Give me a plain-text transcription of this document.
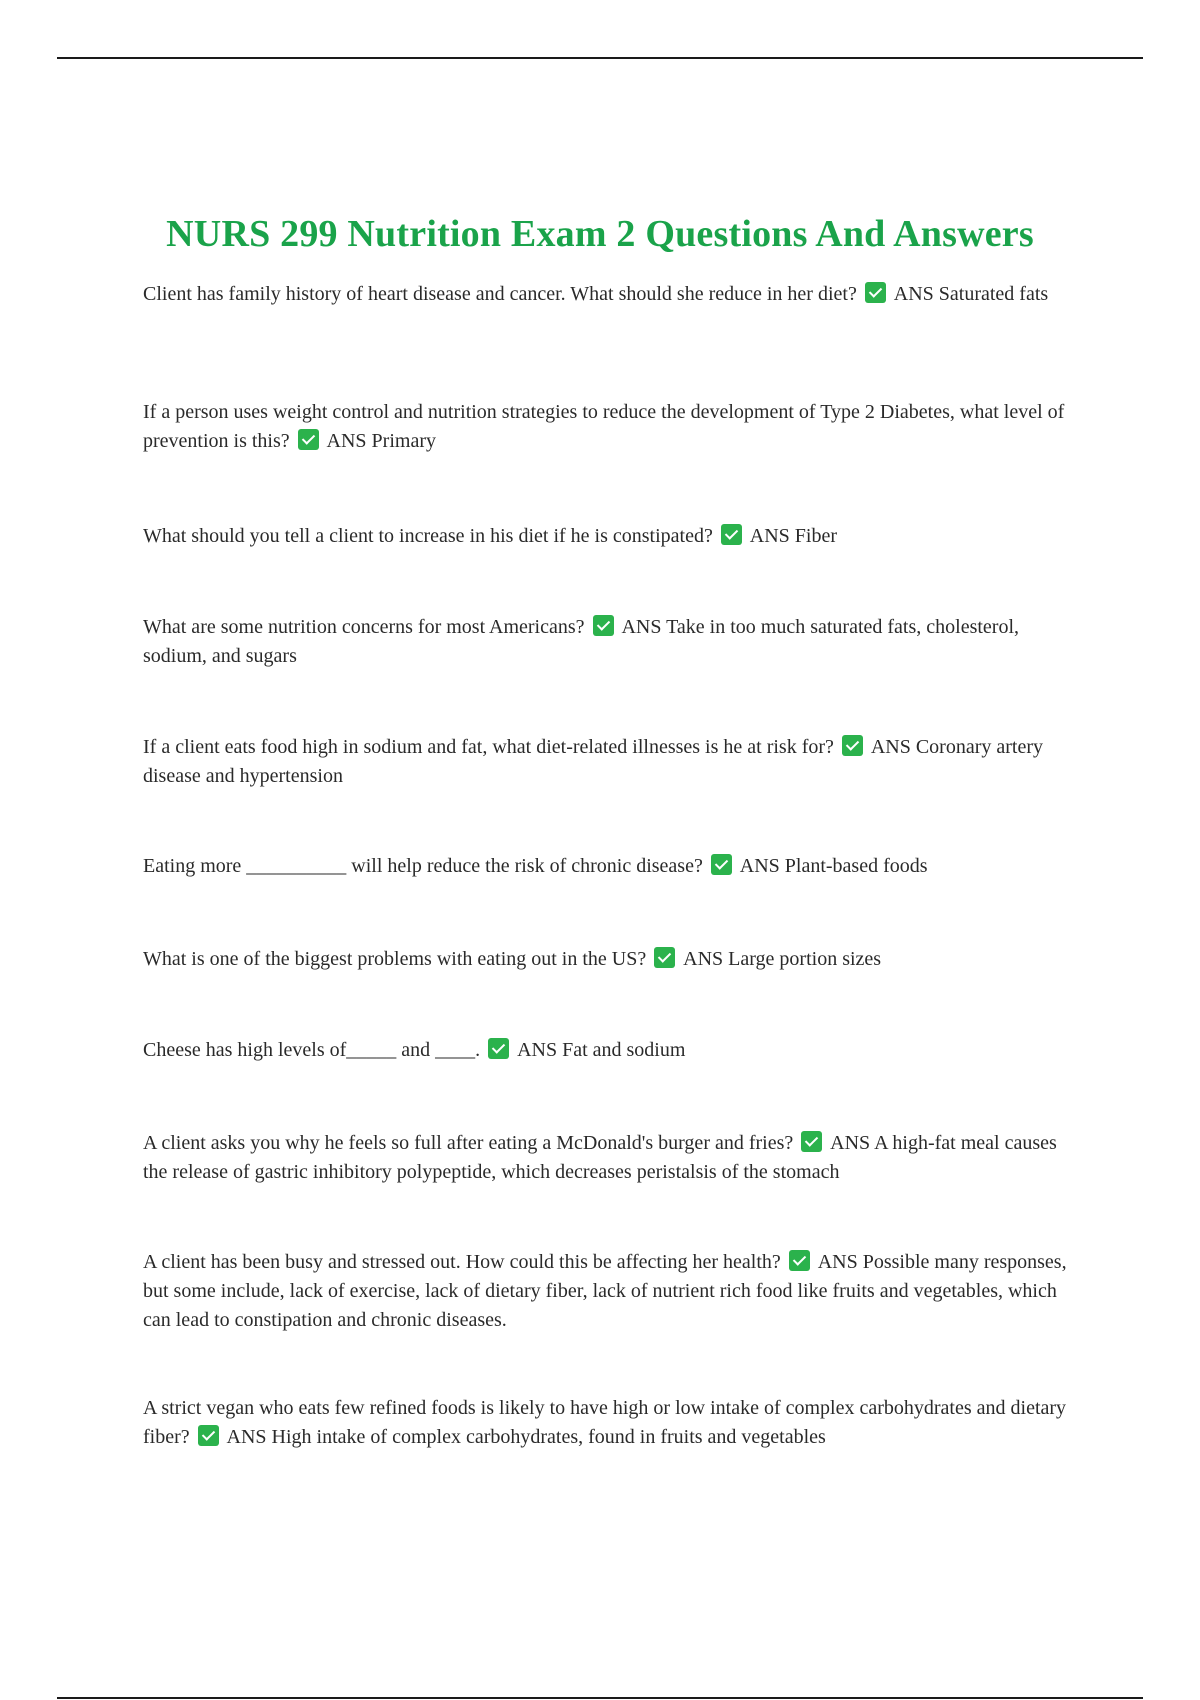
NURS 299 Nutrition Exam 2 Questions And Answers

Client has family history of heart disease and cancer. What should she reduce in her diet? ANS Saturated fats

If a person uses weight control and nutrition strategies to reduce the development of Type 2 Diabetes, what level of prevention is this? ANS Primary

What should you tell a client to increase in his diet if he is constipated? ANS Fiber

What are some nutrition concerns for most Americans? ANS Take in too much saturated fats, cholesterol, sodium, and sugars

If a client eats food high in sodium and fat, what diet-related illnesses is he at risk for? ANS Coronary artery disease and hypertension

Eating more __________ will help reduce the risk of chronic disease? ANS Plant-based foods

What is one of the biggest problems with eating out in the US? ANS Large portion sizes

Cheese has high levels of_____ and ____. ANS Fat and sodium

A client asks you why he feels so full after eating a McDonald's burger and fries? ANS A high-fat meal causes the release of gastric inhibitory polypeptide, which decreases peristalsis of the stomach

A client has been busy and stressed out. How could this be affecting her health? ANS Possible many responses, but some include, lack of exercise, lack of dietary fiber, lack of nutrient rich food like fruits and vegetables, which can lead to constipation and chronic diseases.

A strict vegan who eats few refined foods is likely to have high or low intake of complex carbohydrates and dietary fiber? ANS High intake of complex carbohydrates, found in fruits and vegetables
